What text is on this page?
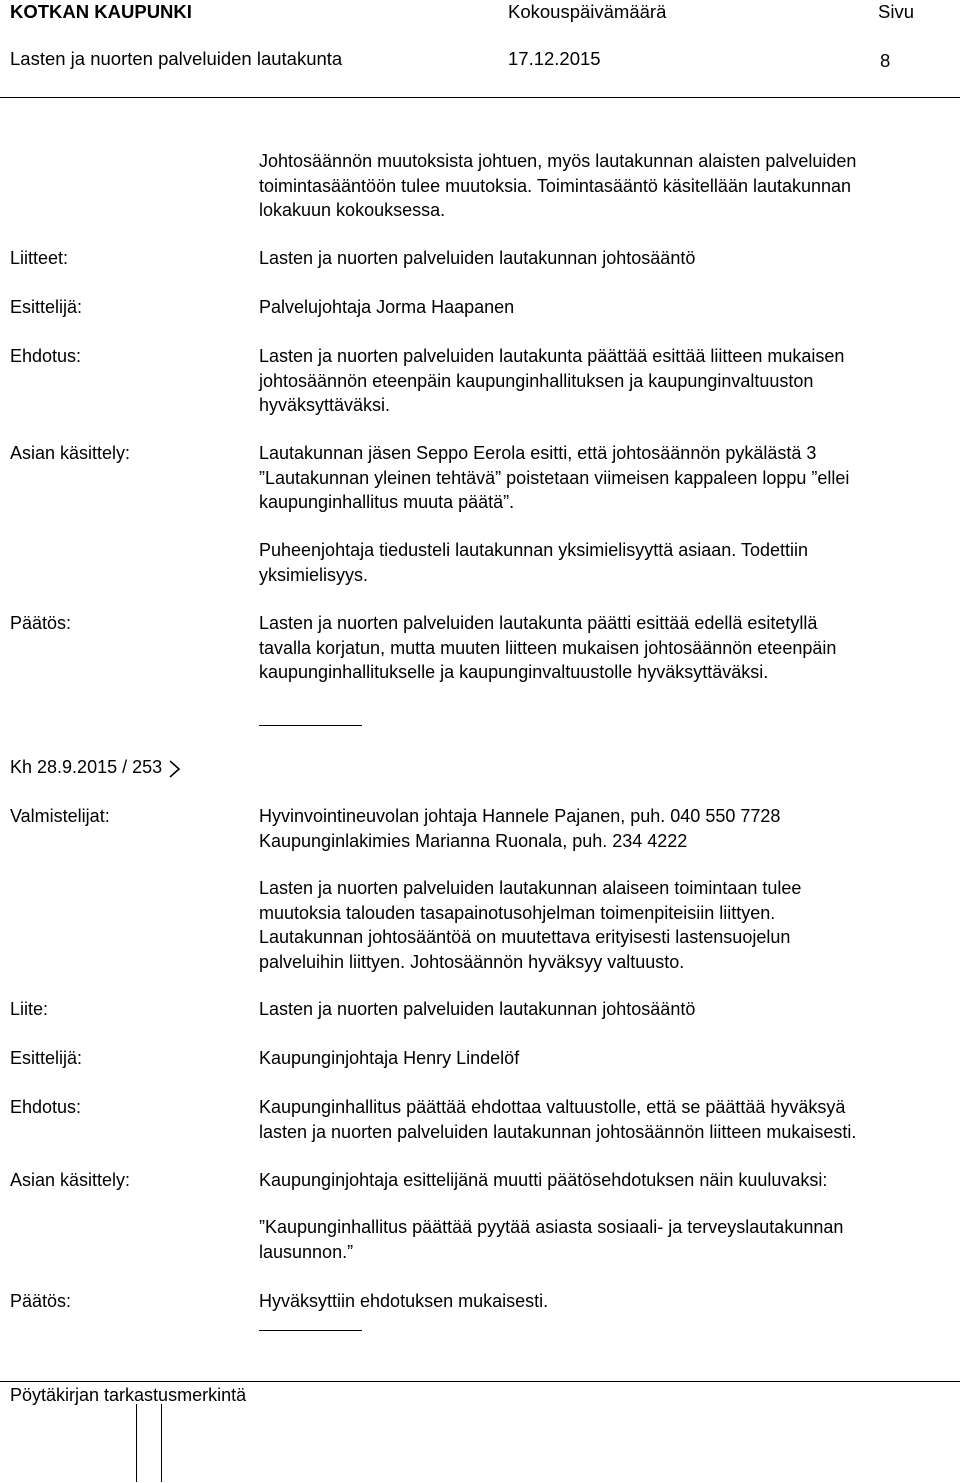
KOTKAN KAUPUNKI	Kokouspäivämäärä	Sivu
Lasten ja nuorten palveluiden lautakunta	17.12.2015	8
Johtosäännön muutoksista johtuen, myös lautakunnan alaisten palveluiden
toimintasääntöön tulee muutoksia. Toimintasääntö käsitellään lautakunnan
lokakuun kokouksessa.
Liitteet:	Lasten ja nuorten palveluiden lautakunnan johtosääntö
Esittelijä:	Palvelujohtaja Jorma Haapanen
Ehdotus:	Lasten ja nuorten palveluiden lautakunta päättää esittää liitteen mukaisen
johtosäännön eteenpäin kaupunginhallituksen ja kaupunginvaltuuston
hyväksyttäväksi.
Asian käsittely:	Lautakunnan jäsen Seppo Eerola esitti, että johtosäännön pykälästä 3
”Lautakunnan yleinen tehtävä” poistetaan viimeisen kappaleen loppu ”ellei
kaupunginhallitus muuta päätä”.
Puheenjohtaja tiedusteli lautakunnan yksimielisyyttä asiaan. Todettiin
yksimielisyys.
Päätös:	Lasten ja nuorten palveluiden lautakunta päätti esittää edellä esitetyllä
tavalla korjatun, mutta muuten liitteen mukaisen johtosäännön eteenpäin
kaupunginhallitukselle ja kaupunginvaltuustolle hyväksyttäväksi.
Kh 28.9.2015 / 253
Valmistelijat:	Hyvinvointineuvolan johtaja Hannele Pajanen, puh. 040 550 7728
Kaupunginlakimies Marianna Ruonala, puh. 234 4222
Lasten ja nuorten palveluiden lautakunnan alaiseen toimintaan tulee
muutoksia talouden tasapainotusohjelman toimenpiteisiin liittyen.
Lautakunnan johtosääntöä on muutettava erityisesti lastensuojelun
palveluihin liittyen. Johtosäännön hyväksyy valtuusto.
Liite:	Lasten ja nuorten palveluiden lautakunnan johtosääntö
Esittelijä:	Kaupunginjohtaja Henry Lindelöf
Ehdotus:	Kaupunginhallitus päättää ehdottaa valtuustolle, että se päättää hyväksyä
lasten ja nuorten palveluiden lautakunnan johtosäännön liitteen mukaisesti.
Asian käsittely:	Kaupunginjohtaja esittelijänä muutti päätösehdotuksen näin kuuluvaksi:
”Kaupunginhallitus päättää pyytää asiasta sosiaali- ja terveyslautakunnan
lausunnon.”
Päätös:	Hyväksyttiin ehdotuksen mukaisesti.
Pöytäkirjan tarkastusmerkintä
